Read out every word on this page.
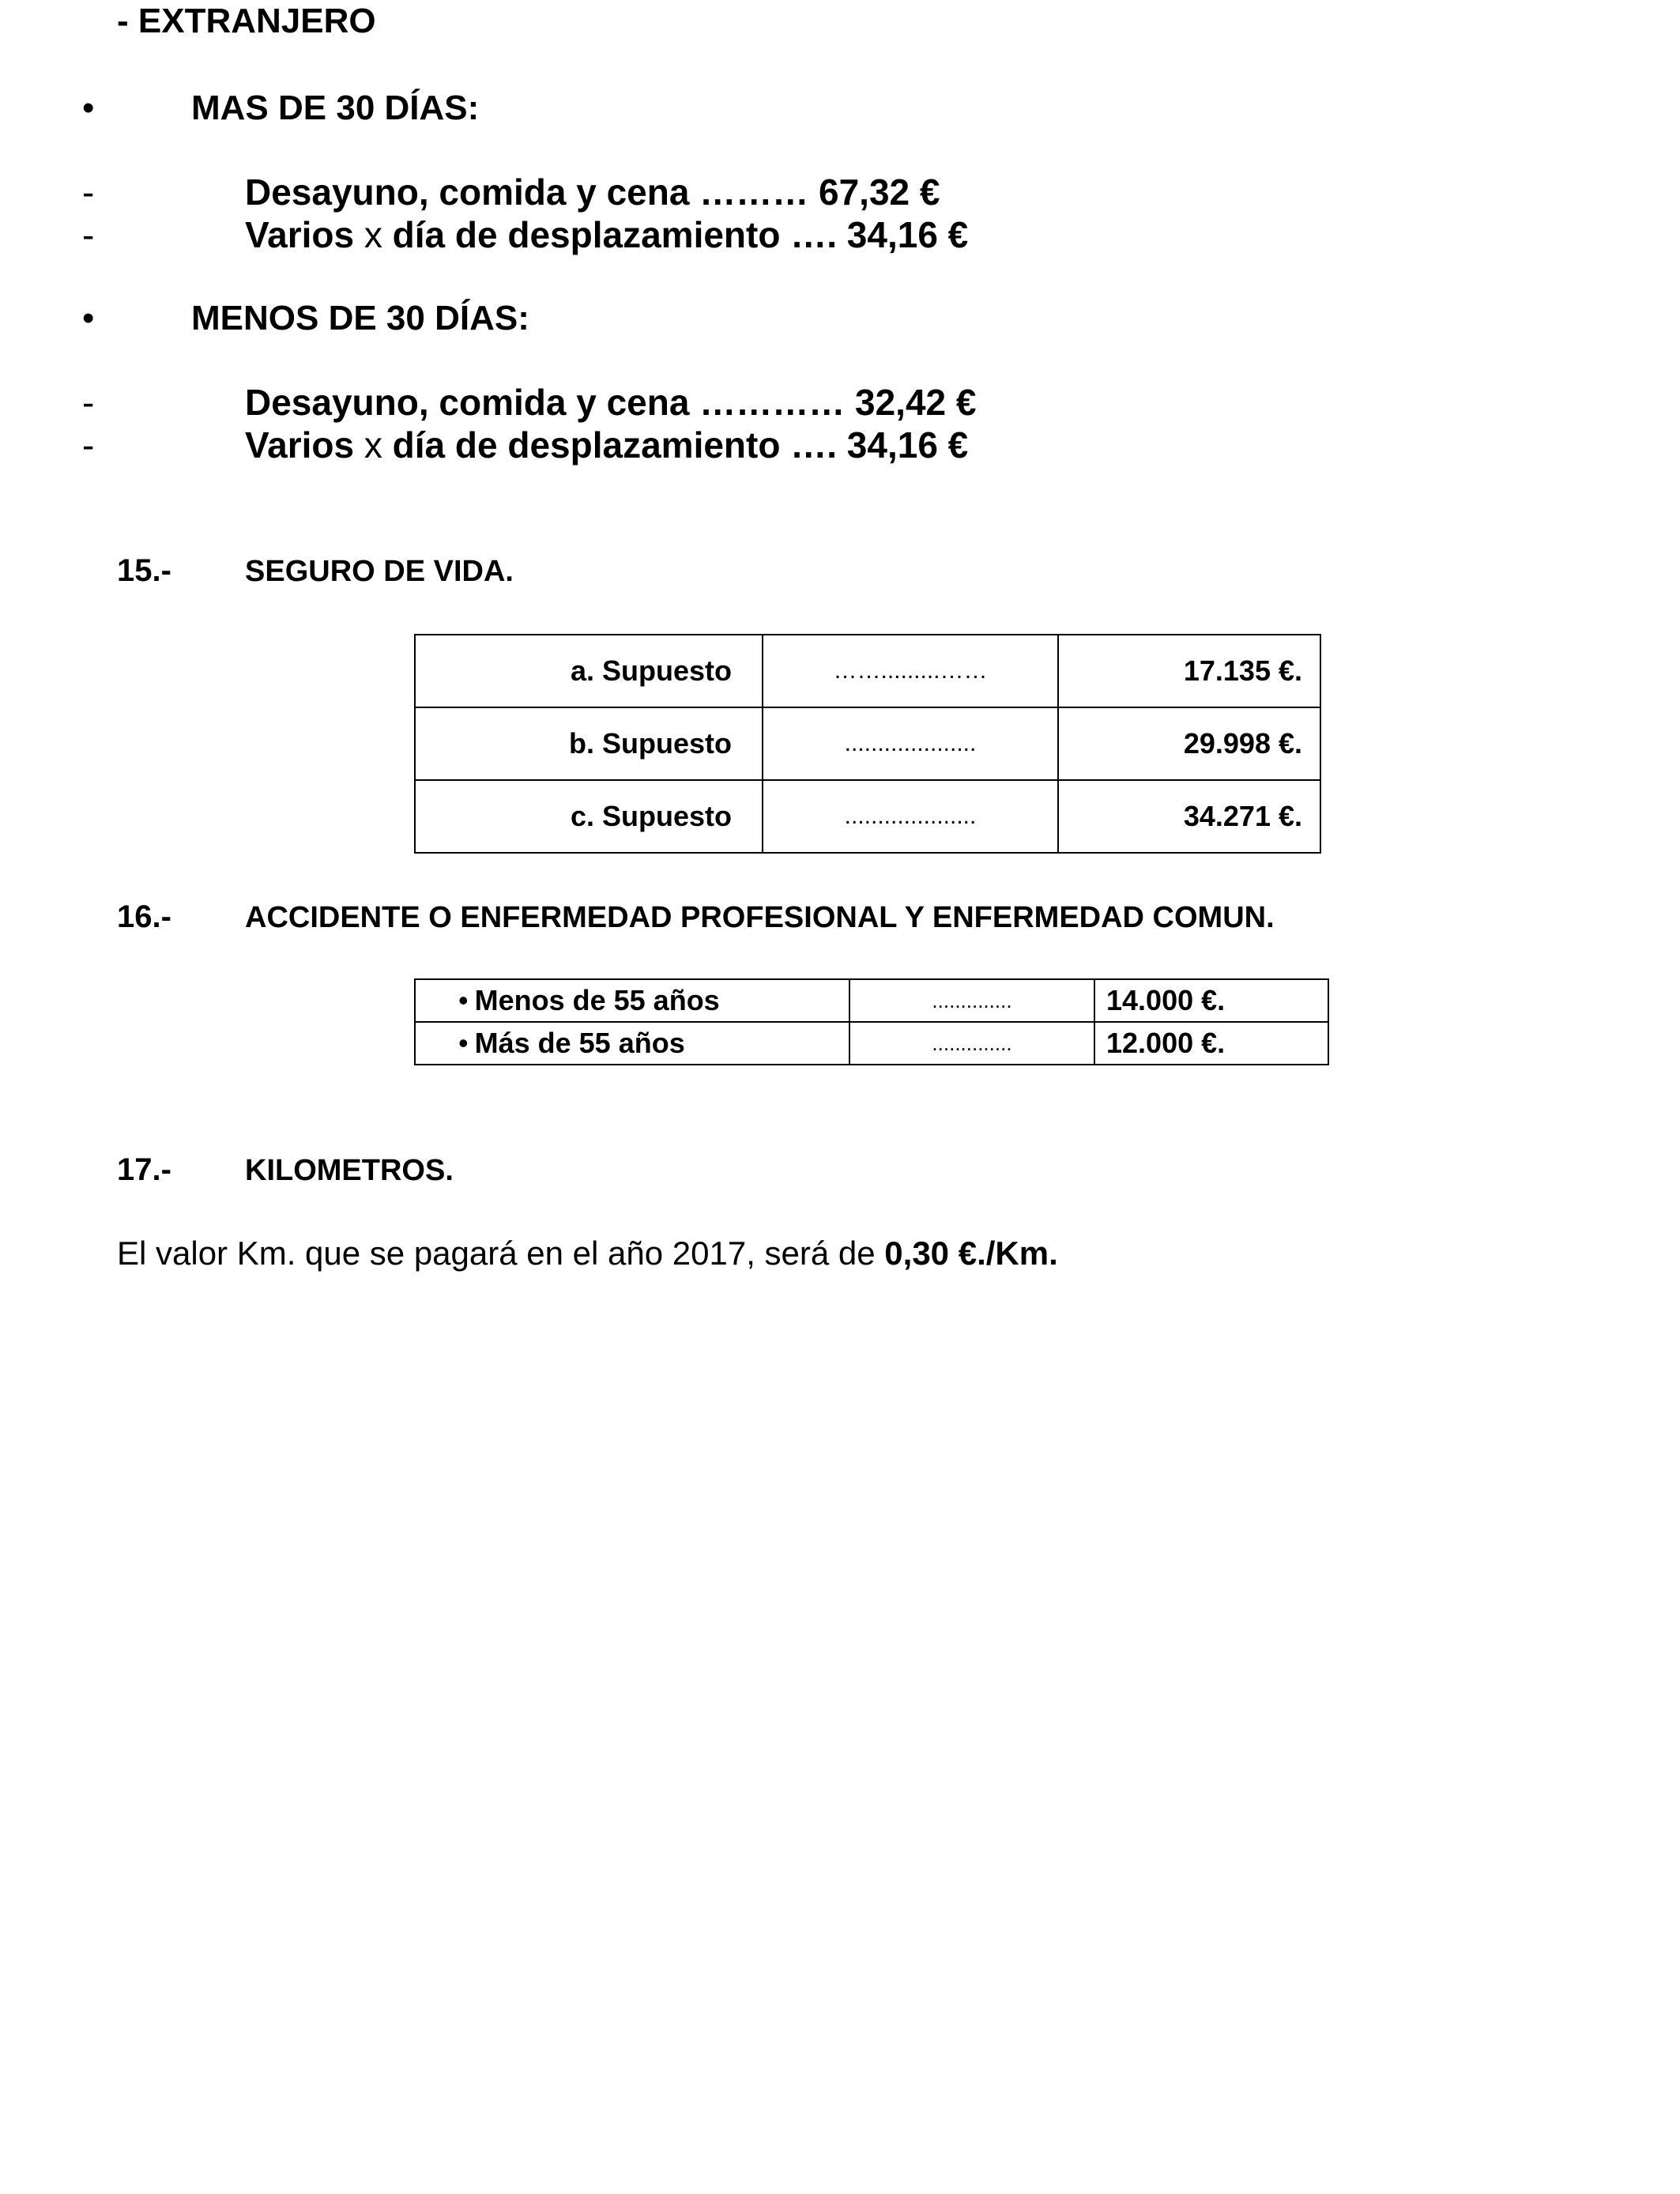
- EXTRANJERO
•	MAS DE 30 DÍAS:
-	Desayuno, comida y cena ……… 67,32 €
-	Varios x día de desplazamiento …. 34,16 €
•	MENOS DE 30 DÍAS:
-	Desayuno, comida y cena ………… 32,42 €
-	Varios x día de desplazamiento …. 34,16 €
15.- SEGURO DE VIDA.
a. Supuesto	…….........……	17.135 €.
b. Supuesto	....................	29.998 €.
c. Supuesto	....................	34.271 €.
16.- ACCIDENTE O ENFERMEDAD PROFESIONAL Y ENFERMEDAD COMUN.
• Menos de 55 años	..............	14.000 €.
• Más de 55 años	..............	12.000 €.
17.- KILOMETROS.
El valor Km. que se pagará en el año 2017, será de 0,30 €./Km.
